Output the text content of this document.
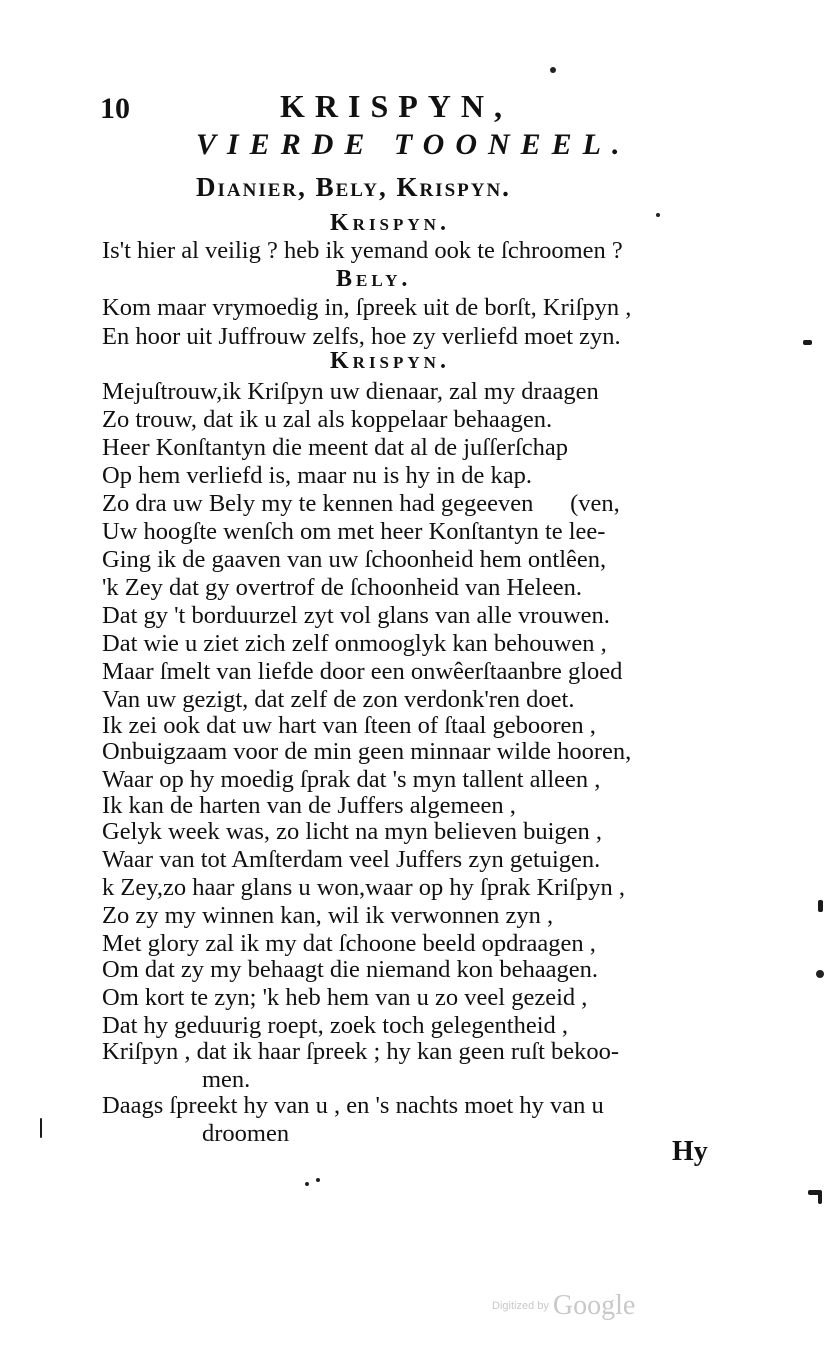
10	KRISPYN,
VIERDE TOONEEL.
Dianier, Bely, Krispyn.
Krispyn.
Is't hier al veilig ? heb ik yemand ook te ſchroomen ?
Bely.
Kom maar vrymoedig in, ſpreek uit de borſt, Kriſpyn ,
En hoor uit Juffrouw zelfs, hoe zy verliefd moet zyn.
Krispyn.
Mejuſtrouw,ik Kriſpyn uw dienaar, zal my draagen
Zo trouw, dat ik u zal als koppelaar behaagen.
Heer Konſtantyn die meent dat al de juſſerſchap
Op hem verliefd is, maar nu is hy in de kap.
Zo dra uw Bely my te kennen had gegeeven      (ven,
Uw hoogſte wenſch om met heer Konſtantyn te lee-
Ging ik de gaaven van uw ſchoonheid hem ontlêen,
'k Zey dat gy overtrof de ſchoonheid van Heleen.
Dat gy 't borduurzel zyt vol glans van alle vrouwen.
Dat wie u ziet zich zelf onmooglyk kan behouwen ,
Maar ſmelt van liefde door een onwêerſtaanbre gloed
Van uw gezigt, dat zelf de zon verdonk'ren doet.
Ik zei ook dat uw hart van ſteen of ſtaal gebooren ,
Onbuigzaam voor de min geen minnaar wilde hooren,
Waar op hy moedig ſprak dat 's myn tallent alleen ,
Ik kan de harten van de Juffers algemeen ,
Gelyk week was, zo licht na myn believen buigen ,
Waar van tot Amſterdam veel Juffers zyn getuigen.
k Zey,zo haar glans u won,waar op hy ſprak Kriſpyn ,
Zo zy my winnen kan, wil ik verwonnen zyn ,
Met glory zal ik my dat ſchoone beeld opdraagen ,
Om dat zy my behaagt die niemand kon behaagen.
Om kort te zyn; 'k heb hem van u zo veel gezeid ,
Dat hy geduurig roept, zoek toch gelegentheid ,
Kriſpyn , dat ik haar ſpreek ; hy kan geen ruſt bekoo-
men.
Daags ſpreekt hy van u , en 's nachts moet hy van u
droomen
Hy
Digitized by Google
